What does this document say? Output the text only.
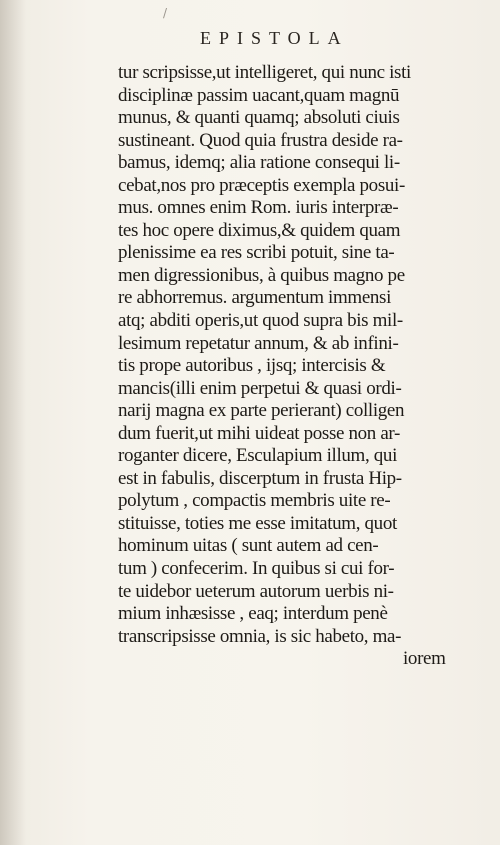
/
EPISTOLA
tur scripsisse,ut intelligeret, qui nunc isti
disciplinæ passim uacant,quam magnū
munus, & quanti quamq; absoluti ciuis
sustineant. Quod quia frustra deside ra-
bamus, idemq; alia ratione consequi li-
cebat,nos pro præceptis exempla posui-
mus. omnes enim Rom. iuris interpræ-
tes hoc opere diximus,& quidem quam
plenissime ea res scribi potuit, sine ta-
men digressionibus, à quibus magno pe
re abhorremus. argumentum immensi
atq; abditi operis,ut quod supra bis mil-
lesimum repetatur annum, & ab infini-
tis prope autoribus , ijsq; intercisis &
mancis(illi enim perpetui & quasi ordi-
narij magna ex parte perierant) colligen
dum fuerit,ut mihi uideat posse non ar-
roganter dicere, Esculapium illum, qui
est in fabulis, discerptum in frusta Hip-
polytum , compactis membris uite re-
stituisse, toties me esse imitatum, quot
hominum uitas ( sunt autem ad cen-
tum ) confecerim. In quibus si cui for-
te uidebor ueterum autorum uerbis ni-
mium inhæsisse , eaq; interdum penè
transcripsisse omnia, is sic habeto, ma-
iorem
